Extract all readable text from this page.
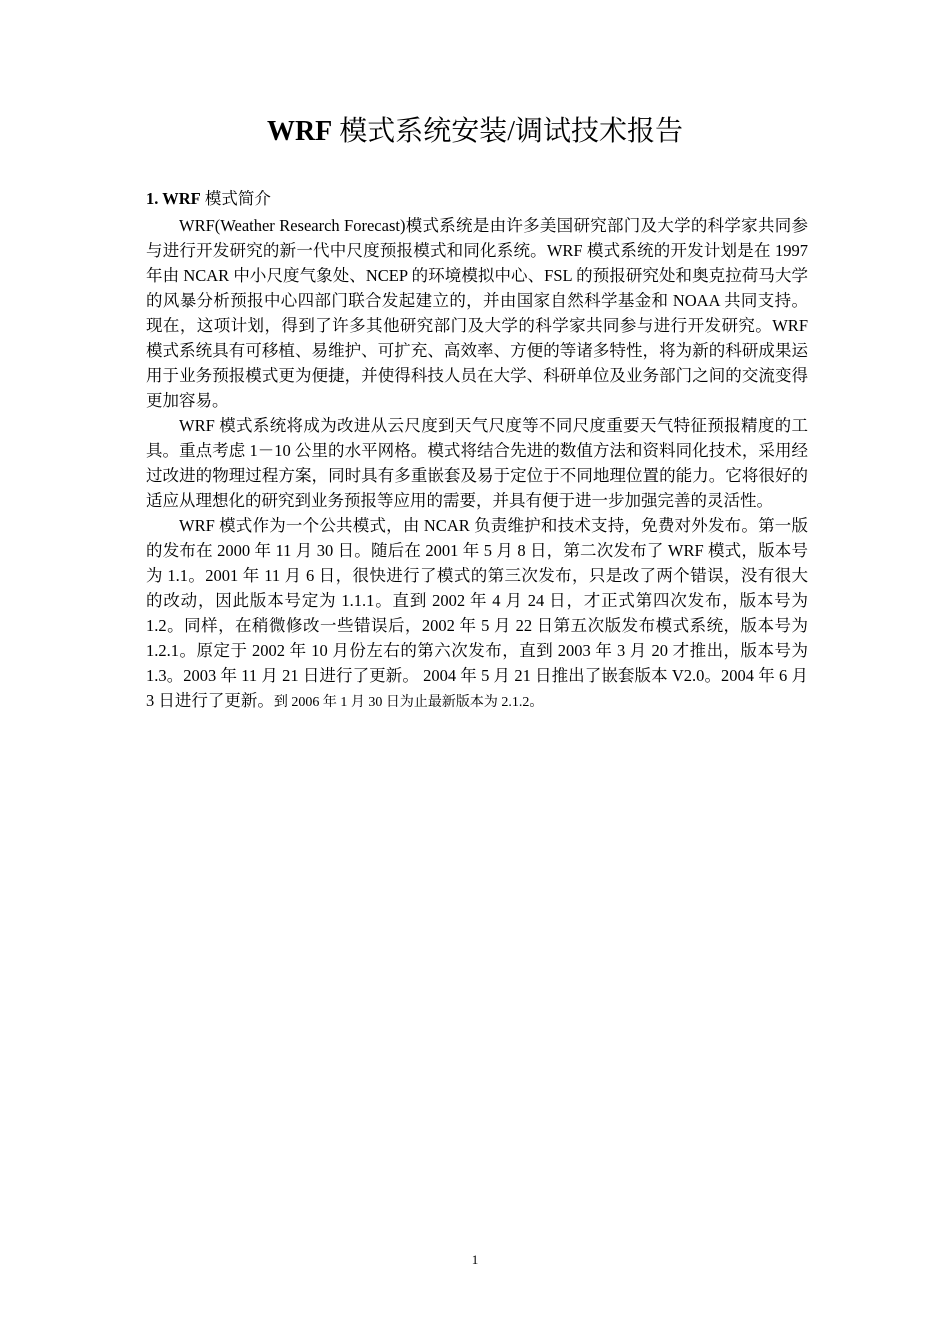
WRF 模式系统安装/调试技术报告
1. WRF 模式简介

WRF(Weather Research Forecast)模式系统是由许多美国研究部门及大学的科学家共同参与进行开发研究的新一代中尺度预报模式和同化系统。WRF 模式系统的开发计划是在 1997 年由 NCAR 中小尺度气象处、NCEP 的环境模拟中心、FSL 的预报研究处和奥克拉荷马大学的风暴分析预报中心四部门联合发起建立的，并由国家自然科学基金和 NOAA 共同支持。现在，这项计划，得到了许多其他研究部门及大学的科学家共同参与进行开发研究。WRF 模式系统具有可移植、易维护、可扩充、高效率、方便的等诸多特性，将为新的科研成果运用于业务预报模式更为便捷，并使得科技人员在大学、科研单位及业务部门之间的交流变得更加容易。

WRF 模式系统将成为改进从云尺度到天气尺度等不同尺度重要天气特征预报精度的工具。重点考虑 1－10 公里的水平网格。模式将结合先进的数值方法和资料同化技术，采用经过改进的物理过程方案，同时具有多重嵌套及易于定位于不同地理位置的能力。它将很好的适应从理想化的研究到业务预报等应用的需要，并具有便于进一步加强完善的灵活性。

WRF 模式作为一个公共模式，由 NCAR 负责维护和技术支持，免费对外发布。第一版的发布在 2000 年 11 月 30 日。随后在 2001 年 5 月 8 日，第二次发布了 WRF 模式，版本号为 1.1。2001 年 11 月 6 日，很快进行了模式的第三次发布，只是改了两个错误，没有很大的改动，因此版本号定为 1.1.1。直到 2002 年 4 月 24 日，才正式第四次发布，版本号为 1.2。同样，在稍微修改一些错误后，2002 年 5 月 22 日第五次版发布模式系统，版本号为 1.2.1。原定于 2002 年 10 月份左右的第六次发布，直到 2003 年 3 月 20 才推出，版本号为 1.3。2003 年 11 月 21 日进行了更新。 2004 年 5 月 21 日推出了嵌套版本 V2.0。2004 年 6 月 3 日进行了更新。到 2006 年 1 月 30 日为止最新版本为 2.1.2。

1
